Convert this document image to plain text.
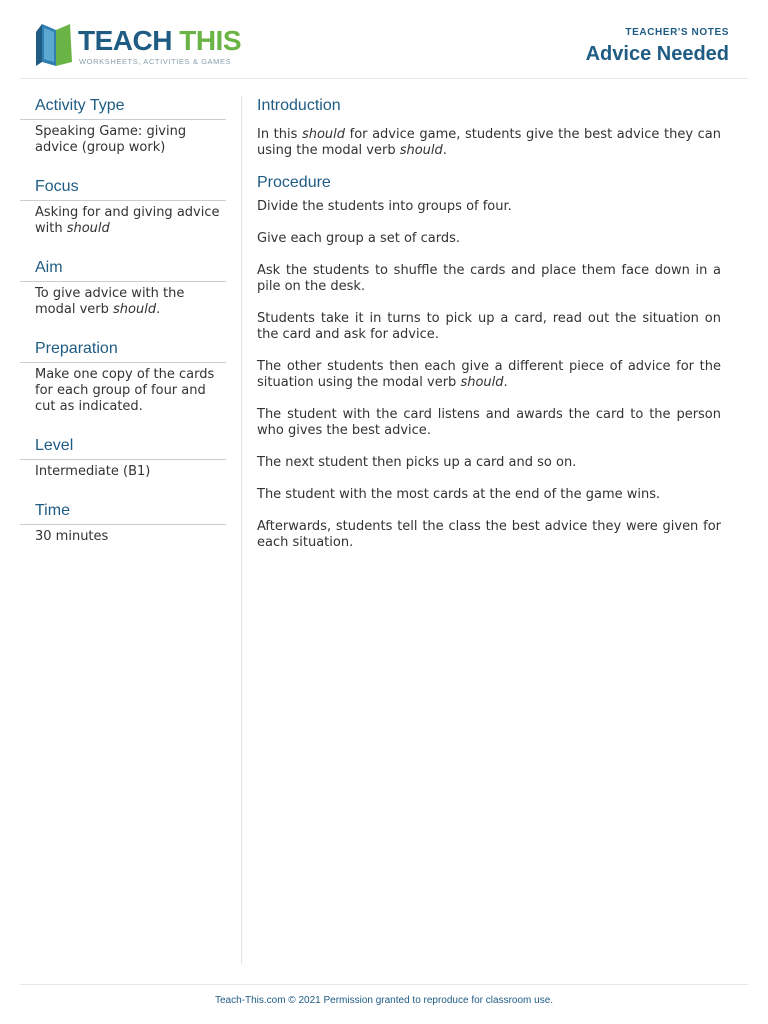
TEACH THIS
WORKSHEETS, ACTIVITIES & GAMES
TEACHER'S NOTES
Advice Needed
Activity Type
Speaking Game: giving advice (group work)
Focus
Asking for and giving advice with should
Aim
To give advice with the modal verb should.
Preparation
Make one copy of the cards for each group of four and cut as indicated.
Level
Intermediate (B1)
Time
30 minutes
Introduction

In this should for advice game, students give the best advice they can using the modal verb should.

Procedure

Divide the students into groups of four.

Give each group a set of cards.

Ask the students to shuffle the cards and place them face down in a pile on the desk.

Students take it in turns to pick up a card, read out the situation on the card and ask for advice.

The other students then each give a different piece of advice for the situation using the modal verb should.

The student with the card listens and awards the card to the person who gives the best advice.

The next student then picks up a card and so on.

The student with the most cards at the end of the game wins.

Afterwards, students tell the class the best advice they were given for each situation.

Teach-This.com © 2021 Permission granted to reproduce for classroom use.
